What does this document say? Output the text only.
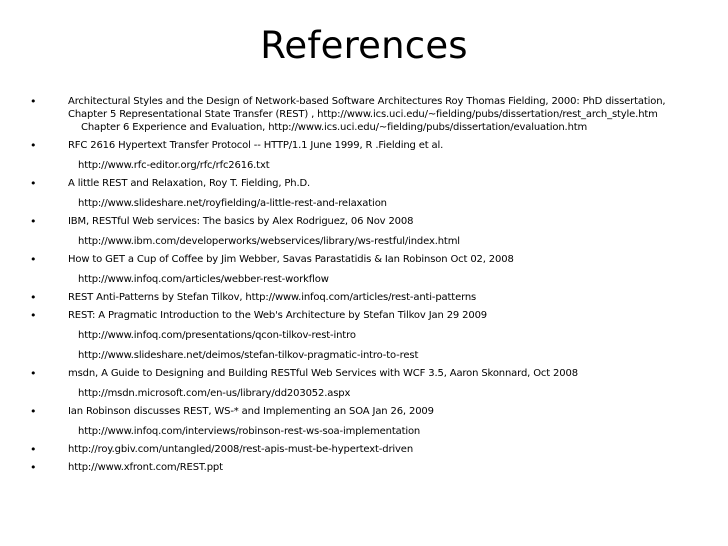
References
•	Architectural Styles and the Design of Network-based Software Architectures Roy Thomas Fielding, 2000: PhD dissertation,
Chapter 5 Representational State Transfer (REST) , http://www.ics.uci.edu/~fielding/pubs/dissertation/rest_arch_style.htm
Chapter 6 Experience and Evaluation, http://www.ics.uci.edu/~fielding/pubs/dissertation/evaluation.htm
•	RFC 2616 Hypertext Transfer Protocol -- HTTP/1.1 June 1999, R .Fielding et al.
http://www.rfc-editor.org/rfc/rfc2616.txt
•	A little REST and Relaxation, Roy T. Fielding, Ph.D.
http://www.slideshare.net/royfielding/a-little-rest-and-relaxation
•	IBM, RESTful Web services: The basics by Alex Rodriguez, 06 Nov 2008
http://www.ibm.com/developerworks/webservices/library/ws-restful/index.html
•	How to GET a Cup of Coffee by Jim Webber, Savas Parastatidis & Ian Robinson Oct 02, 2008
http://www.infoq.com/articles/webber-rest-workflow
•	REST Anti-Patterns by Stefan Tilkov, http://www.infoq.com/articles/rest-anti-patterns
•	REST: A Pragmatic Introduction to the Web's Architecture by Stefan Tilkov Jan 29 2009
http://www.infoq.com/presentations/qcon-tilkov-rest-intro
http://www.slideshare.net/deimos/stefan-tilkov-pragmatic-intro-to-rest
•	msdn, A Guide to Designing and Building RESTful Web Services with WCF 3.5, Aaron Skonnard, Oct 2008
http://msdn.microsoft.com/en-us/library/dd203052.aspx
•	Ian Robinson discusses REST, WS-* and Implementing an SOA Jan 26, 2009
http://www.infoq.com/interviews/robinson-rest-ws-soa-implementation
•	http://roy.gbiv.com/untangled/2008/rest-apis-must-be-hypertext-driven
•	http://www.xfront.com/REST.ppt
